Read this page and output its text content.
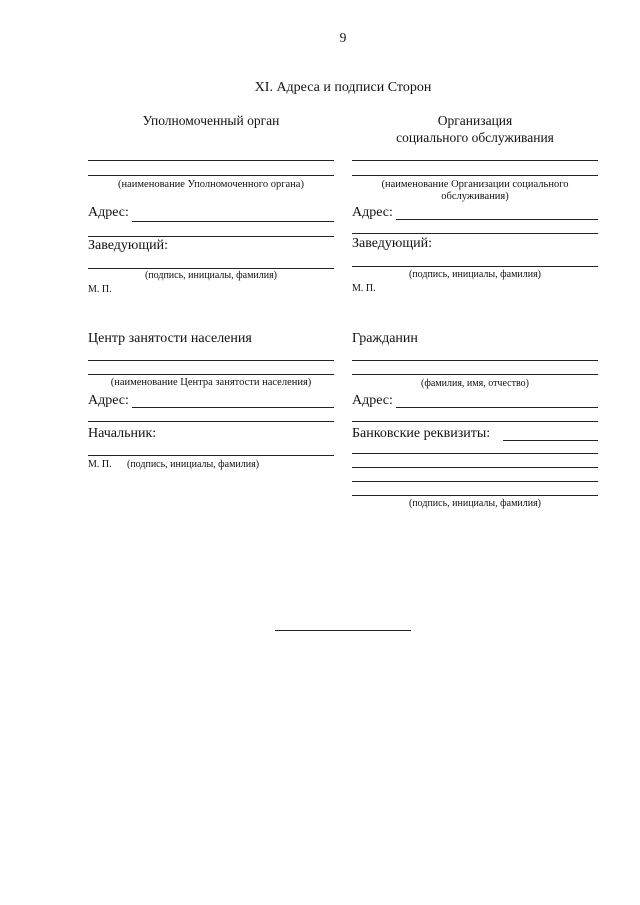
9
XI. Адреса и подписи Сторон
Уполномоченный орган
(наименование Уполномоченного органа)
Адрес:
Заведующий:
(подпись, инициалы, фамилия)
М. П.
Организация
социального обслуживания
(наименование Организации социального
обслуживания)
Адрес:
Заведующий:
(подпись, инициалы, фамилия)
М. П.
Центр занятости населения
(наименование Центра занятости населения)
Адрес:
Начальник:
М. П. (подпись, инициалы, фамилия)
Гражданин
(фамилия, имя, отчество)
Адрес:
Банковские реквизиты:
(подпись, инициалы, фамилия)
